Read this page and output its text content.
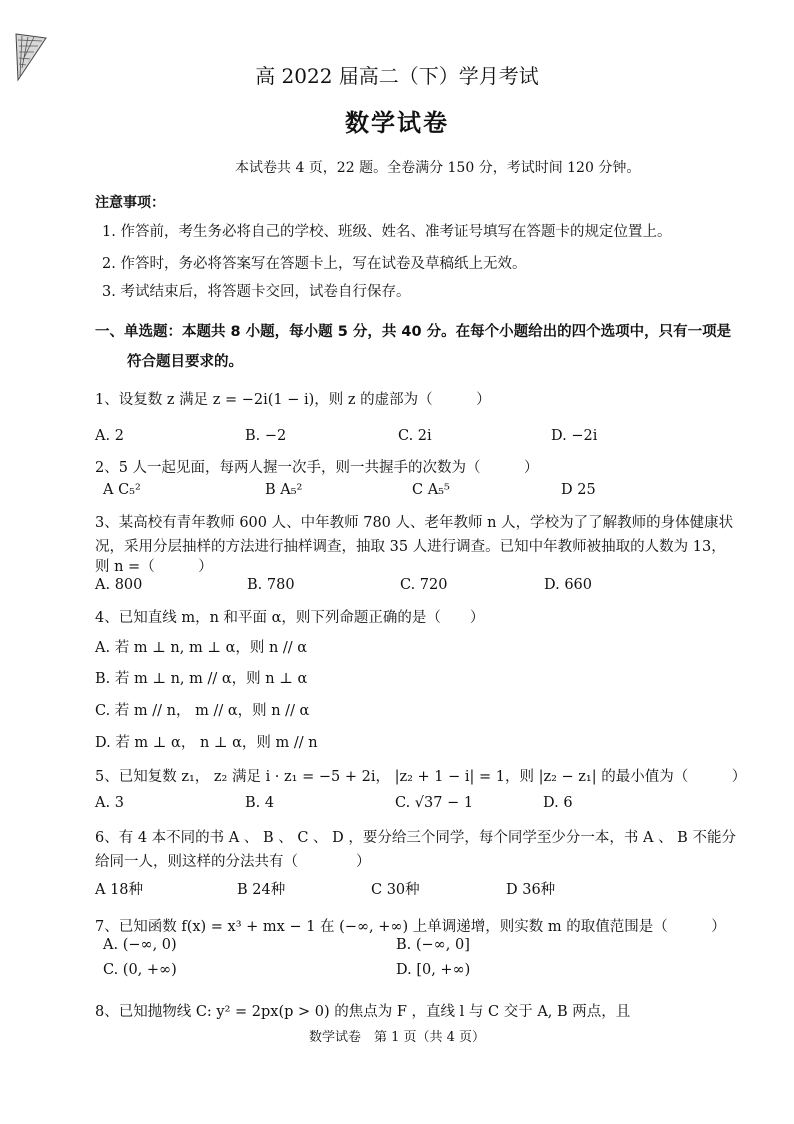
高 2022 届高二（下）学月考试
数学试卷
本试卷共 4 页，22 题。全卷满分 150 分，考试时间 120 分钟。
注意事项：
1. 作答前，考生务必将自己的学校、班级、姓名、准考证号填写在答题卡的规定位置上。
2. 作答时，务必将答案写在答题卡上，写在试卷及草稿纸上无效。
3. 考试结束后，将答题卡交回，试卷自行保存。
一、单选题：本题共 8 小题，每小题 5 分，共 40 分。在每个小题给出的四个选项中，只有一项是
符合题目要求的。
1、设复数 z 满足 z = −2i(1 − i)，则 z 的虚部为（　　　）
A. 2	B. −2	C. 2i	D. −2i
2、5 人一起见面，每两人握一次手，则一共握手的次数为（　　　）
A C₅²	B A₅²	C A₅⁵	D 25
3、某高校有青年教师 600 人、中年教师 780 人、老年教师 n 人，学校为了了解教师的身体健康状
况，采用分层抽样的方法进行抽样调查，抽取 35 人进行调查。已知中年教师被抽取的人数为 13，
则 n =（　　　）
A. 800	B. 780	C. 720	D. 660
4、已知直线 m，n 和平面 α，则下列命题正确的是（　　）
A. 若 m ⊥ n, m ⊥ α，则 n // α
B. 若 m ⊥ n, m // α，则 n ⊥ α
C. 若 m // n， m // α，则 n // α
D. 若 m ⊥ α， n ⊥ α，则 m // n
5、已知复数 z₁， z₂ 满足 i · z₁ = −5 + 2i， |z₂ + 1 − i| = 1，则 |z₂ − z₁| 的最小值为（　　　）
A. 3	B. 4	C. √37 − 1	D. 6
6、有 4 本不同的书 A 、 B 、 C 、 D ，要分给三个同学，每个同学至少分一本，书 A 、 B 不能分
给同一人，则这样的分法共有（　　　　）
A 18种	B 24种	C 30种	D 36种
7、已知函数 f(x) = x³ + mx − 1 在 (−∞, +∞) 上单调递增，则实数 m 的取值范围是（　　　）
A. (−∞, 0)	B. (−∞, 0]
C. (0, +∞)	D. [0, +∞)
8、已知抛物线 C: y² = 2px(p > 0) 的焦点为 F ，直线 l 与 C 交于 A, B 两点，且
数学试卷　第 1 页（共 4 页）
